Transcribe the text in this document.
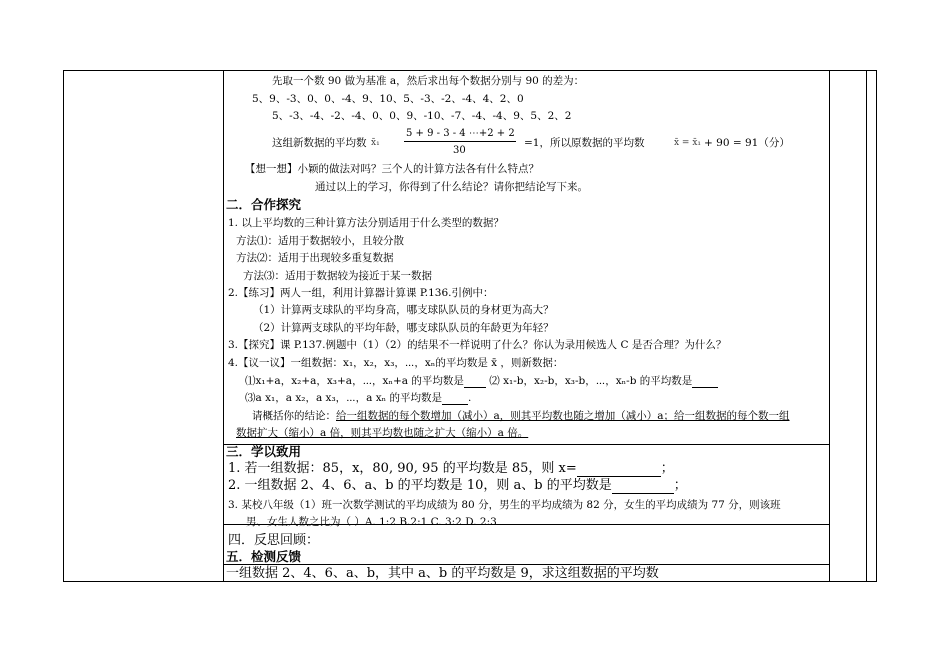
先取一个数 90 做为基准 a，然后求出每个数据分别与 90 的差为：
5、9、-3、0、0、-4、9、10、5、-3、-2、-4、4、2、0
5、-3、-4、-2、-4、0、0、9、-10、-7、-4、-4、9、5、2、2
这组新数据的平均数 x̄₁
5 + 9 - 3 - 4 ⋯+2 + 2
30
=1，所以原数据的平均数	x̄ = x̄₁ + 90 = 91（分）
【想一想】小颖的做法对吗？三个人的计算方法各有什么特点？
通过以上的学习，你得到了什么结论？请你把结论写下来。
二．合作探究
1. 以上平均数的三种计算方法分别适用于什么类型的数据？
方法⑴：适用于数据较小，且较分散
方法⑵：适用于出现较多重复数据
方法⑶：适用于数据较为接近于某一数据
2.【练习】两人一组，利用计算器计算课 P.136.引例中：
（1）计算两支球队的平均身高，哪支球队队员的身材更为高大？
（2）计算两支球队的平均年龄，哪支球队队员的年龄更为年轻？
3.【探究】课 P.137.例题中（1）（2）的结果不一样说明了什么？你认为录用候选人 C 是否合理？为什么？
4.【议一议】一组数据：x₁，x₂，x₃，⋯，xₙ的平均数是 x̄ ，则新数据：
⑴x₁+a，x₂+a，x₃+a，⋯，xₙ+a 的平均数是 ⑵ x₁-b，x₂-b，x₃-b，⋯，xₙ-b 的平均数是
⑶a x₁，a x₂，a x₃，⋯，a xₙ 的平均数是 .
请概括你的结论：给一组数据的每个数增加（减小）a，则其平均数也随之增加（减小）a；给一组数据的每个数一组
数据扩大（缩小）a 倍，则其平均数也随之扩大（缩小）a 倍。
三．学以致用
1. 若一组数据：85，x，80, 90, 95 的平均数是 85，则 x=	；
2. 一组数据 2、4、6、a、b 的平均数是 10，则 a、b 的平均数是	；
3. 某校八年级（1）班一次数学测试的平均成绩为 80 分，男生的平均成绩为 82 分，女生的平均成绩为 77 分，则该班
男、女生人数之比为（ ）A. 1:2 B.2:1 C. 3:2 D. 2:3
四．反思回顾：
五．检测反馈
一组数据 2、4、6、a、b，其中 a、b 的平均数是 9，求这组数据的平均数
